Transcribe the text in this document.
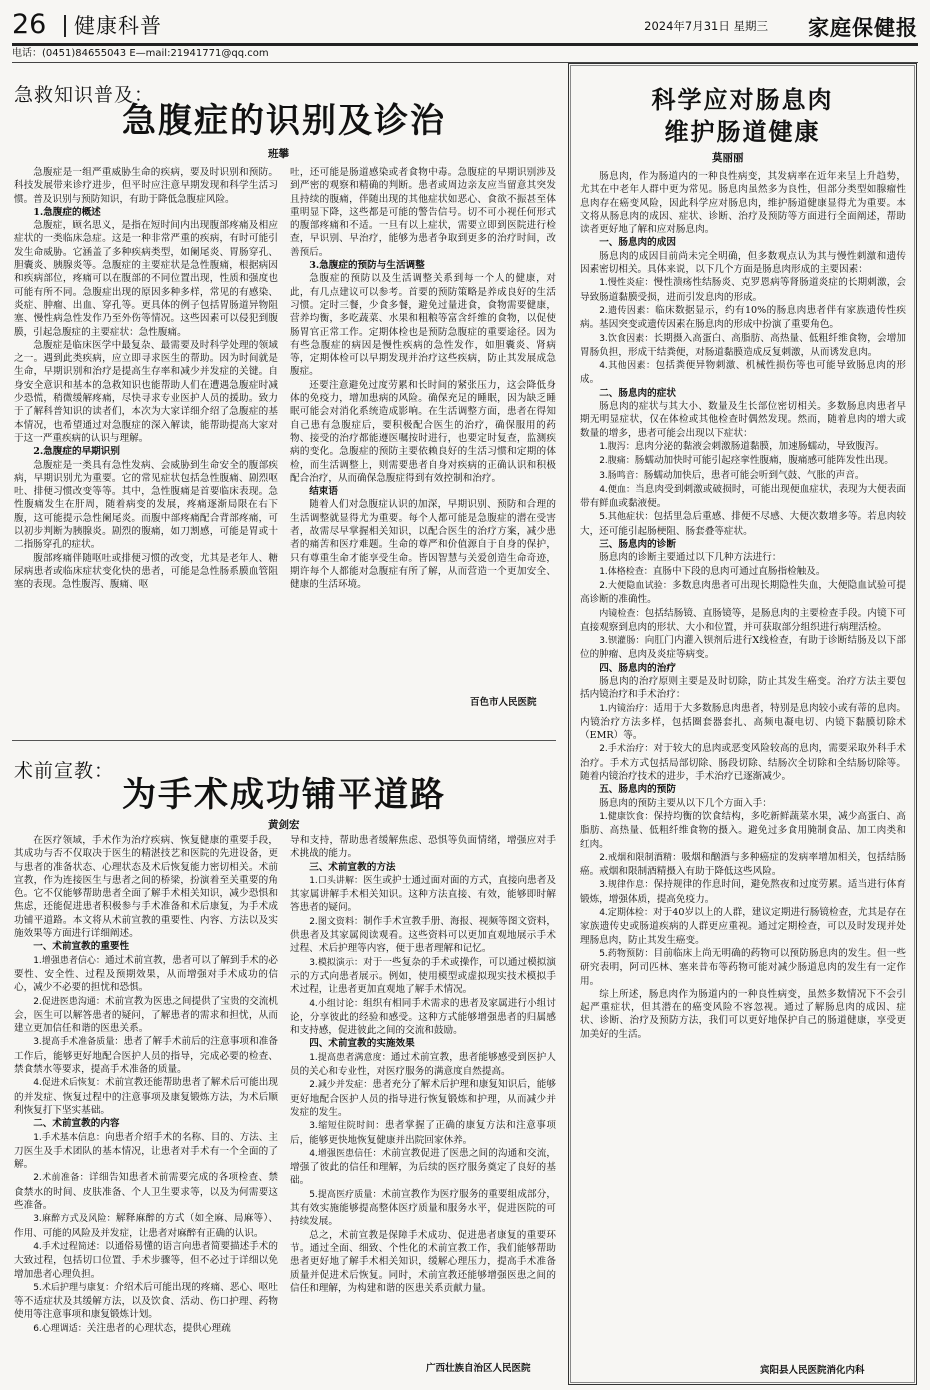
26 健康科普	2024年7月31日 星期三 家庭保健报
电话：(0451)84655043 E—mail:21941771@qq.com
急救知识普及：
急腹症的识别及诊治
班攀

急腹症是一组严重威胁生命的疾病，要及时识别和预防。科技发展带来诊疗进步，但平时应注意早期发现和科学生活习惯。普及识别与预防知识，有助于降低急腹症风险。

1.急腹症的概述

急腹症，顾名思义，是指在短时间内出现腹部疼痛及相应症状的一类临床急症。这是一种非常严重的疾病，有时可能引发生命威胁。它涵盖了多种疾病类型，如阑尾炎、胃肠穿孔、胆囊炎、胰腺炎等。急腹症的主要症状是急性腹痛，根据病因和疾病部位，疼痛可以在腹部的不同位置出现，性质和强度也可能有所不同。急腹症出现的原因多种多样，常见的有感染、炎症、肿瘤、出血、穿孔等。更具体的例子包括胃肠道异物阻塞、慢性病急性发作乃至外伤等情况。这些因素可以侵犯到腹膜，引起急腹症的主要症状：急性腹痛。

急腹症是临床医学中最复杂、最需要及时科学处理的领域之一。遇到此类疾病，应立即寻求医生的帮助。因为时间就是生命，早期识别和治疗是提高生存率和减少并发症的关键。自身安全意识和基本的急救知识也能帮助人们在遭遇急腹症时减少恐慌，稍微缓解疼痛，尽快寻求专业医护人员的援助。致力于了解科普知识的读者们，本次为大家详细介绍了急腹症的基本情况，也希望通过对急腹症的深入解读，能帮助提高大家对于这一严重疾病的认识与理解。

2.急腹症的早期识别

急腹症是一类具有急性发病、会威胁到生命安全的腹部疾病，早期识别尤为重要。它的常见症状包括急性腹痛、剧烈呕吐、排便习惯改变等等。其中，急性腹痛是首要临床表现。急性腹痛发生在肝周，随着病变的发展，疼痛逐渐局限在右下腹，这可能提示急性阑尾炎。而腹中部疼痛配合背部疼痛，可以初步判断为胰腺炎。剧烈的腹痛，如刀割感，可能是胃或十二指肠穿孔的症状。

腹部疼痛伴随呕吐或排便习惯的改变，尤其是老年人、糖尿病患者或临床症状变化快的患者，可能是急性肠系膜血管阻塞的表现。急性腹泻、腹痛、呕

吐，还可能是肠道感染或者食物中毒。急腹症的早期识别涉及到严密的观察和精确的判断。患者或周边亲友应当留意其突发且持续的腹痛，伴随出现的其他症状如恶心、食欲不振甚至体重明显下降，这些都是可能的警告信号。切不可小视任何形式的腹部疼痛和不适。一旦有以上症状，需要立即到医院进行检查，早识别、早治疗，能够为患者争取到更多的治疗时间，改善预后。

3.急腹症的预防与生活调整

急腹症的预防以及生活调整关系到每一个人的健康，对此，有几点建议可以参考。首要的预防策略是养成良好的生活习惯。定时三餐，少食多餐，避免过量进食，食物需要健康，营养均衡，多吃蔬菜、水果和粗粮等富含纤维的食物，以促使肠胃官正常工作。定期体检也是预防急腹症的重要途径。因为有些急腹症的病因是慢性疾病的急性发作，如胆囊炎、肾病等，定期体检可以早期发现并治疗这些疾病，防止其发展成急腹症。

还要注意避免过度劳累和长时间的紧张压力，这会降低身体的免疫力，增加患病的风险。确保充足的睡眠，因为缺乏睡眠可能会对消化系统造成影响。在生活调整方面，患者在得知自己患有急腹症后，要积极配合医生的治疗，确保服用的药物、接受的治疗都能遵医嘱按时进行，也要定时复查，监测疾病的变化。急腹症的预防主要依赖良好的生活习惯和定期的体检，而生活调整上，则需要患者自身对疾病的正确认识和积极配合治疗，从而确保急腹症得到有效控制和治疗。

结束语

随着人们对急腹症认识的加深，早期识别、预防和合理的生活调整就显得尤为重要。每个人都可能是急腹症的潜在受害者，故需尽早掌握相关知识，以配合医生的治疗方案，减少患者的痛苦和医疗难题。生命的尊严和价值源自于自身的保护，只有尊重生命才能享受生命。皆因智慧与关爱创造生命奇迹，期许每个人都能对急腹症有所了解，从而营造一个更加安全、健康的生活环境。

百色市人民医院
术前宣教：
为手术成功铺平道路
黄剑宏

在医疗领域，手术作为治疗疾病、恢复健康的重要手段，其成功与否不仅取决于医生的精湛技艺和医院的先进设备，更与患者的准备状态、心理状态及术后恢复能力密切相关。术前宣教，作为连接医生与患者之间的桥梁，扮演着至关重要的角色。它不仅能够帮助患者全面了解手术相关知识，减少恐惧和焦虑，还能促进患者积极参与手术准备和术后康复，为手术成功铺平道路。本文将从术前宣教的重要性、内容、方法以及实施效果等方面进行详细阐述。

一、术前宣教的重要性

1.增强患者信心：通过术前宣教，患者可以了解到手术的必要性、安全性、过程及预期效果，从而增强对手术成功的信心，减少不必要的担忧和恐惧。

2.促进医患沟通：术前宣教为医患之间提供了宝贵的交流机会，医生可以解答患者的疑问，了解患者的需求和担忧，从而建立更加信任和谐的医患关系。

3.提高手术准备质量：患者了解手术前后的注意事项和准备工作后，能够更好地配合医护人员的指导，完成必要的检查、禁食禁水等要求，提高手术准备的质量。

4.促进术后恢复：术前宣教还能帮助患者了解术后可能出现的并发症、恢复过程中的注意事项及康复锻炼方法，为术后顺利恢复打下坚实基础。

二、术前宣教的内容

1.手术基本信息：向患者介绍手术的名称、目的、方法、主刀医生及手术团队的基本情况，让患者对手术有一个全面的了解。

2.术前准备：详细告知患者术前需要完成的各项检查、禁食禁水的时间、皮肤准备、个人卫生要求等，以及为何需要这些准备。

3.麻醉方式及风险：解释麻醉的方式（如全麻、局麻等）、作用、可能的风险及并发症，让患者对麻醉有正确的认识。

4.手术过程简述：以通俗易懂的语言向患者简要描述手术的大致过程，包括切口位置、手术步骤等，但不必过于详细以免增加患者心理负担。

5.术后护理与康复：介绍术后可能出现的疼痛、恶心、呕吐等不适症状及其缓解方法，以及饮食、活动、伤口护理、药物使用等注意事项和康复锻炼计划。

6.心理调适：关注患者的心理状态，提供心理疏

导和支持，帮助患者缓解焦虑、恐惧等负面情绪，增强应对手术挑战的能力。

三、术前宣教的方法

1.口头讲解：医生或护士通过面对面的方式，直接向患者及其家属讲解手术相关知识。这种方法直接、有效，能够即时解答患者的疑问。

2.图文资料：制作手术宣教手册、海报、视频等图文资料，供患者及其家属阅读观看。这些资料可以更加直观地展示手术过程、术后护理等内容，便于患者理解和记忆。

3.模拟演示：对于一些复杂的手术或操作，可以通过模拟演示的方式向患者展示。例如，使用模型或虚拟现实技术模拟手术过程，让患者更加直观地了解手术情况。

4.小组讨论：组织有相同手术需求的患者及家属进行小组讨论，分享彼此的经验和感受。这种方式能够增强患者的归属感和支持感，促进彼此之间的交流和鼓励。

四、术前宣教的实施效果

1.提高患者满意度：通过术前宣教，患者能够感受到医护人员的关心和专业性，对医疗服务的满意度自然提高。

2.减少并发症：患者充分了解术后护理和康复知识后，能够更好地配合医护人员的指导进行恢复锻炼和护理，从而减少并发症的发生。

3.缩短住院时间：患者掌握了正确的康复方法和注意事项后，能够更快地恢复健康并出院回家休养。

4.增强医患信任：术前宣教促进了医患之间的沟通和交流，增强了彼此的信任和理解，为后续的医疗服务奠定了良好的基础。

5.提高医疗质量：术前宣教作为医疗服务的重要组成部分，其有效实施能够提高整体医疗质量和服务水平，促进医院的可持续发展。

总之，术前宣教是保障手术成功、促进患者康复的重要环节。通过全面、细致、个性化的术前宣教工作，我们能够帮助患者更好地了解手术相关知识，缓解心理压力，提高手术准备质量并促进术后恢复。同时，术前宣教还能够增强医患之间的信任和理解，为构建和谐的医患关系贡献力量。

广西壮族自治区人民医院
科学应对肠息肉
维护肠道健康
莫丽丽

肠息肉，作为肠道内的一种良性病变，其发病率在近年来呈上升趋势，尤其在中老年人群中更为常见。肠息肉虽然多为良性，但部分类型如腺瘤性息肉存在癌变风险，因此科学应对肠息肉，维护肠道健康显得尤为重要。本文将从肠息肉的成因、症状、诊断、治疗及预防等方面进行全面阐述，帮助读者更好地了解和应对肠息肉。

一、肠息肉的成因

肠息肉的成因目前尚未完全明确，但多数观点认为其与慢性刺激和遗传因素密切相关。具体来说，以下几个方面是肠息肉形成的主要因素：

1.慢性炎症：慢性溃疡性结肠炎、克罗恩病等肾肠道炎症的长期刺激，会导致肠道黏膜受损，进而引发息肉的形成。

2.遗传因素：临床数据显示，约有10%的肠息肉患者伴有家族遗传性疾病。基因突变或遗传因素在肠息肉的形成中扮演了重要角色。

3.饮食因素：长期摄入高蛋白、高脂肪、高热量、低粗纤维食物，会增加胃肠负担，形成干结粪便，对肠道黏膜造成反复刺激，从而诱发息肉。

4.其他因素：包括粪便异物刺激、机械性损伤等也可能导致肠息肉的形成。

二、肠息肉的症状

肠息肉的症状与其大小、数量及生长部位密切相关。多数肠息肉患者早期无明显症状，仅在体检或其他检查时偶然发现。然而，随着息肉的增大或数量的增多，患者可能会出现以下症状：

1.腹泻：息肉分泌的黏液会刺激肠道黏膜，加速肠蠕动，导致腹泻。

2.腹痛：肠蠕动加快时可能引起痉挛性腹痛，腹痛感可能阵发性出现。

3.肠鸣音：肠蠕动加快后，患者可能会听到气鼓、气胀的声音。

4.便血：当息肉受到刺激或破损时，可能出现便血症状，表现为大便表面带有鲜血或黏液便。

5.其他症状：包括里急后重感、排便不尽感、大便次数增多等。若息肉较大，还可能引起肠梗阻、肠套叠等症状。

三、肠息肉的诊断

肠息肉的诊断主要通过以下几种方法进行：

1.体格检查：直肠中下段的息肉可通过直肠指检触及。

2.大便隐血试验：多数息肉患者可出现长期隐性失血，大便隐血试验可提高诊断的准确性。

内镜检查：包括结肠镜、直肠镜等，是肠息肉的主要检查手段。内镜下可直接观察到息肉的形状、大小和位置，并可获取部分组织进行病理活检。

3.钡灌肠：向肛门内灌入钡剂后进行X线检查，有助于诊断结肠及以下部位的肿瘤、息肉及炎症等病变。

四、肠息肉的治疗

肠息肉的治疗原则主要是及时切除，防止其发生癌变。治疗方法主要包括内镜治疗和手术治疗：

1.内镜治疗：适用于大多数肠息肉患者，特别是息肉较小或有蒂的息肉。内镜治疗方法多样，包括圈套器套扎、高频电凝电切、内镜下黏膜切除术（EMR）等。

2.手术治疗：对于较大的息肉或恶变风险较高的息肉，需要采取外科手术治疗。手术方式包括局部切除、肠段切除、结肠次全切除和全结肠切除等。随着内镜治疗技术的进步，手术治疗已逐渐减少。

五、肠息肉的预防

肠息肉的预防主要从以下几个方面入手：

1.健康饮食：保持均衡的饮食结构，多吃新鲜蔬菜水果，减少高蛋白、高脂肪、高热量、低粗纤维食物的摄入。避免过多食用腌制食品、加工肉类和红肉。

2.戒烟和限制酒精：吸烟和酗酒与多种癌症的发病率增加相关，包括结肠癌。戒烟和限制酒精摄入有助于降低这些风险。

3.规律作息：保持规律的作息时间，避免熬夜和过度劳累。适当进行体育锻炼，增强体质，提高免疫力。

4.定期体检：对于40岁以上的人群，建议定期进行肠镜检查，尤其是存在家族遗传史或肠道疾病的人群更应重视。通过定期检查，可以及时发现并处理肠息肉，防止其发生癌变。

5.药物预防：目前临床上尚无明确的药物可以预防肠息肉的发生。但一些研究表明，阿司匹林、塞来昔布等药物可能对减少肠道息肉的发生有一定作用。

综上所述，肠息肉作为肠道内的一种良性病变，虽然多数情况下不会引起严重症状，但其潜在的癌变风险不容忽视。通过了解肠息肉的成因、症状、诊断、治疗及预防方法，我们可以更好地保护自己的肠道健康，享受更加美好的生活。

宾阳县人民医院消化内科
